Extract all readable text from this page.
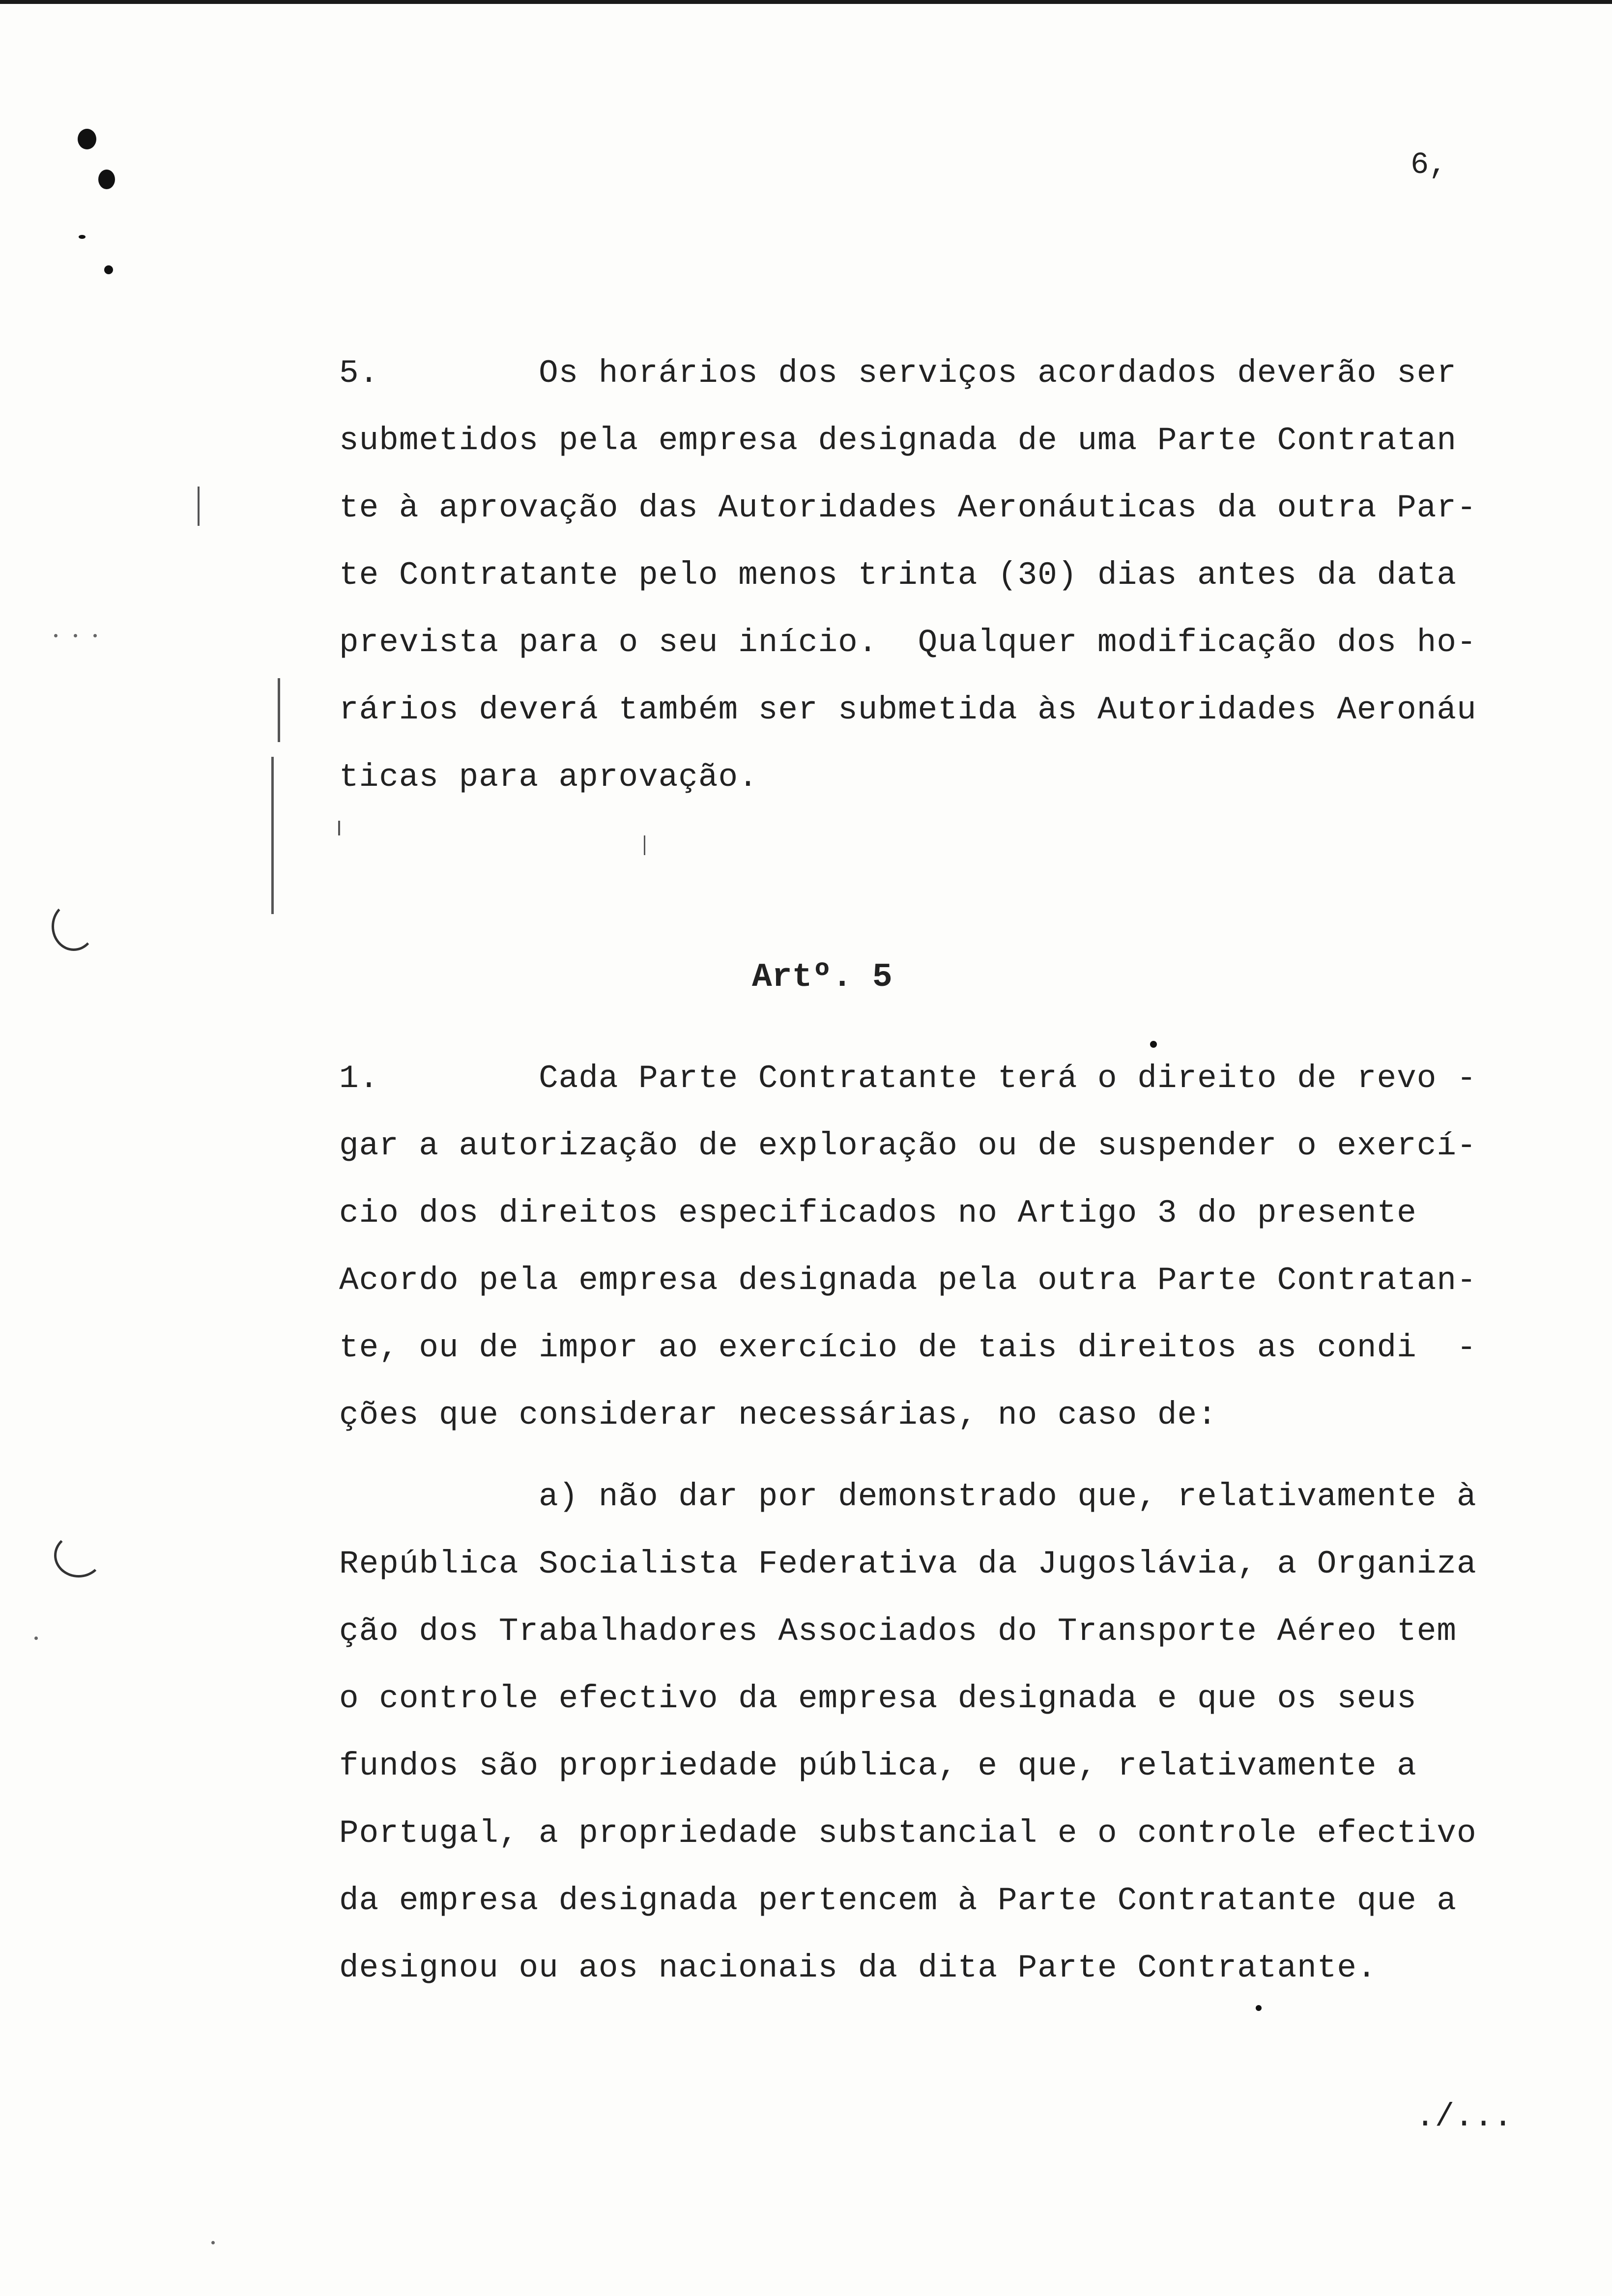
6,
5.        Os horários dos serviços acordados deverão ser
submetidos pela empresa designada de uma Parte Contratan
te à aprovação das Autoridades Aeronáuticas da outra Par-
te Contratante pelo menos trinta (30) dias antes da data
prevista para o seu início.  Qualquer modificação dos ho-
rários deverá também ser submetida às Autoridades Aeronáu
ticas para aprovação.
Artº. 5
1.        Cada Parte Contratante terá o direito de revo -
gar a autorização de exploração ou de suspender o exercí-
cio dos direitos especificados no Artigo 3 do presente
Acordo pela empresa designada pela outra Parte Contratan-
te, ou de impor ao exercício de tais direitos as condi  -
ções que considerar necessárias, no caso de:
a) não dar por demonstrado que, relativamente à
República Socialista Federativa da Jugoslávia, a Organiza
ção dos Trabalhadores Associados do Transporte Aéreo tem
o controle efectivo da empresa designada e que os seus
fundos são propriedade pública, e que, relativamente a
Portugal, a propriedade substancial e o controle efectivo
da empresa designada pertencem à Parte Contratante que a
designou ou aos nacionais da dita Parte Contratante.
./...
